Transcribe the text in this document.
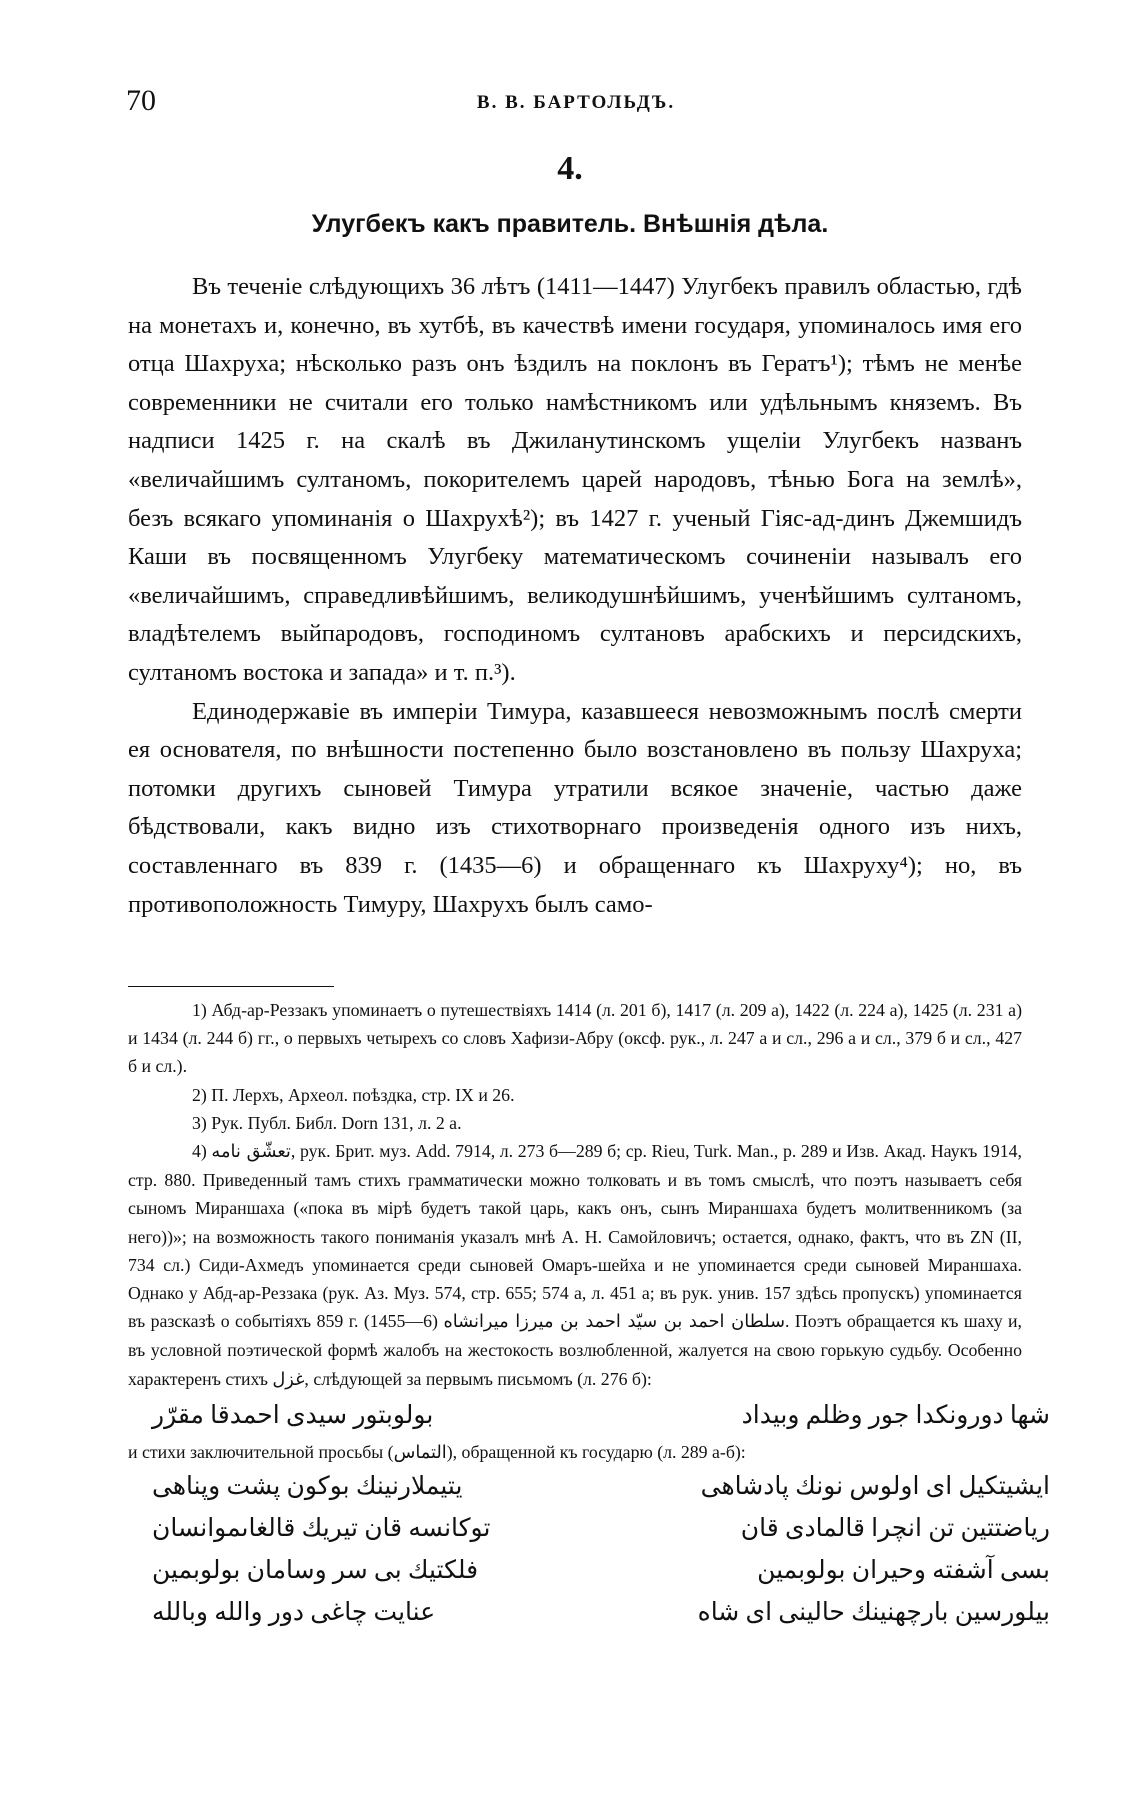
70	В. В. БАРТОЛЬДЪ.
4.
Улугбекъ какъ правитель. Внѣшнія дѣла.

Въ теченіе слѣдующихъ 36 лѣтъ (1411—1447) Улугбекъ правилъ областью, гдѣ на монетахъ и, конечно, въ хутбѣ, въ качествѣ имени государя, упоминалось имя его отца Шахруха; нѣсколько разъ онъ ѣздилъ на поклонъ въ Гератъ¹); тѣмъ не менѣе современники не считали его только намѣстникомъ или удѣльнымъ княземъ. Въ надписи 1425 г. на скалѣ въ Джиланутинскомъ ущеліи Улугбекъ названъ «величайшимъ султаномъ, покорителемъ царей народовъ, тѣнью Бога на землѣ», безъ всякаго упоминанія о Шахрухѣ²); въ 1427 г. ученый Гіяс-ад-динъ Джемшидъ Каши въ посвященномъ Улугбеку математическомъ сочиненіи называлъ его «величайшимъ, справедливѣйшимъ, великодушнѣйшимъ, ученѣйшимъ султаномъ, владѣтелемъ выйпародовъ, господиномъ султановъ арабскихъ и персидскихъ, султаномъ востока и запада» и т. п.³).

Единодержавіе въ имперіи Тимура, казавшееся невозможнымъ послѣ смерти ея основателя, по внѣшности постепенно было возстановлено въ пользу Шахруха; потомки другихъ сыновей Тимура утратили всякое значеніе, частью даже бѣдствовали, какъ видно изъ стихотворнаго произведенія одного изъ нихъ, составленнаго въ 839 г. (1435—6) и обращеннаго къ Шахруху⁴); но, въ противоположность Тимуру, Шахрухъ былъ само-

1) Абд-ар-Реззакъ упоминаетъ о путешествіяхъ 1414 (л. 201 б), 1417 (л. 209 а), 1422 (л. 224 а), 1425 (л. 231 а) и 1434 (л. 244 б) гг., о первыхъ четырехъ со словъ Хафизи-Абру (оксф. рук., л. 247 а и сл., 296 а и сл., 379 б и сл., 427 б и сл.).

2) П. Лерхъ, Археол. поѣздка, стр. IX и 26.

3) Рук. Публ. Библ. Dorn 131, л. 2 а.

4) تعشّق نامه, рук. Брит. муз. Add. 7914, л. 273 б—289 б; ср. Rieu, Turk. Man., p. 289 и Изв. Акад. Наукъ 1914, стр. 880. Приведенный тамъ стихъ грамматически можно толковать и въ томъ смыслѣ, что поэтъ называетъ себя сыномъ Мираншаха («пока въ мірѣ будетъ такой царь, какъ онъ, сынъ Мираншаха будетъ молитвенникомъ (за него))»; на возможность такого пониманія указалъ мнѣ А. Н. Самойловичъ; остается, однако, фактъ, что въ ZN (II, 734 сл.) Сиди-Ахмедъ упоминается среди сыновей Омаръ-шейха и не упоминается среди сыновей Мираншаха. Однако у Абд-ар-Реззака (рук. Аз. Муз. 574, стр. 655; 574 а, л. 451 а; въ рук. унив. 157 здѣсь пропускъ) упоминается въ разсказѣ о событіяхъ 859 г. (1455—6) سلطان احمد بن سيّد احمد بن ميرزا ميرانشاه. Поэтъ обращается къ шаху и, въ условной поэтической формѣ жалобъ на жестокость возлюбленной, жалуется на свою горькую судьбу. Особенно характеренъ стихъ غزل, слѣдующей за первымъ письмомъ (л. 276 б):

شها دورونكدا جور وظلم وبيداد
بولوبتور سيدى احمدقا مقرّر

и стихи заключительной просьбы (التماس), обращенной къ государю (л. 289 а-б):

ايشيتكيل اى اولوس نونك پادشاهى
يتيملارنينك بوكون پشت وپناهى
رياضتتين تن انچرا قالمادى قان
توكانسه قان تيريك قالغاىموانسان
بسى آشفته وحيران بولوبمين
فلكتيك بى سر وسامان بولوبمين
بيلورسين بارچهنينك حالينى اى شاه
عنايت چاغى دور والله وبالله
